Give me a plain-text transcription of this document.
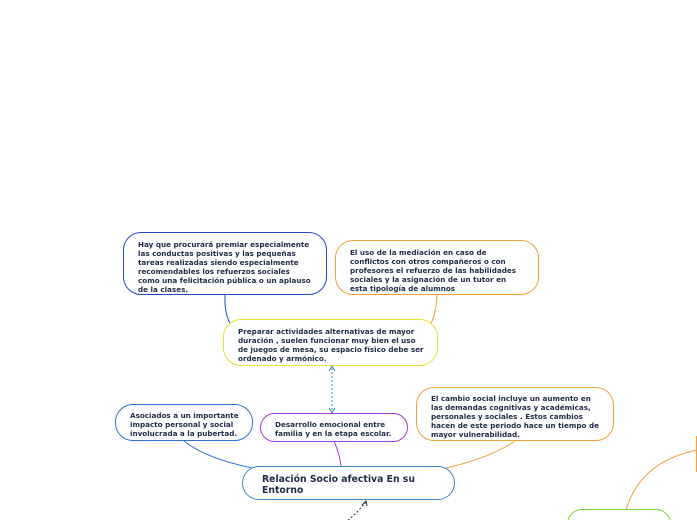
Hay que procurará premiar especialmente las conductas positivas y las pequeñas tareas realizadas siendo especialmente recomendables los refuerzos sociales como una felicitación pública o un aplauso de la clases.
El uso de la mediación en caso de conflictos con otros compañeros o con profesores el refuerzo de las habilidades sociales y la asignación de un tutor en esta tipología de alumnos
Preparar actividades alternativas de mayor duración , suelen funcionar muy bien el uso de juegos de mesa, su espacio físico debe ser ordenado y armónico.
Asociados a un importante impacto personal y social involucrada a la pubertad.
Desarrollo emocional entre familia y en la etapa escolar.
El cambio social incluye un aumento en las demandas cognitivas y académicas, personales y sociales . Estos cambios hacen de este periodo hace un tiempo de mayor vulnerabilidad.
Relación Socio afectiva En su Entorno
